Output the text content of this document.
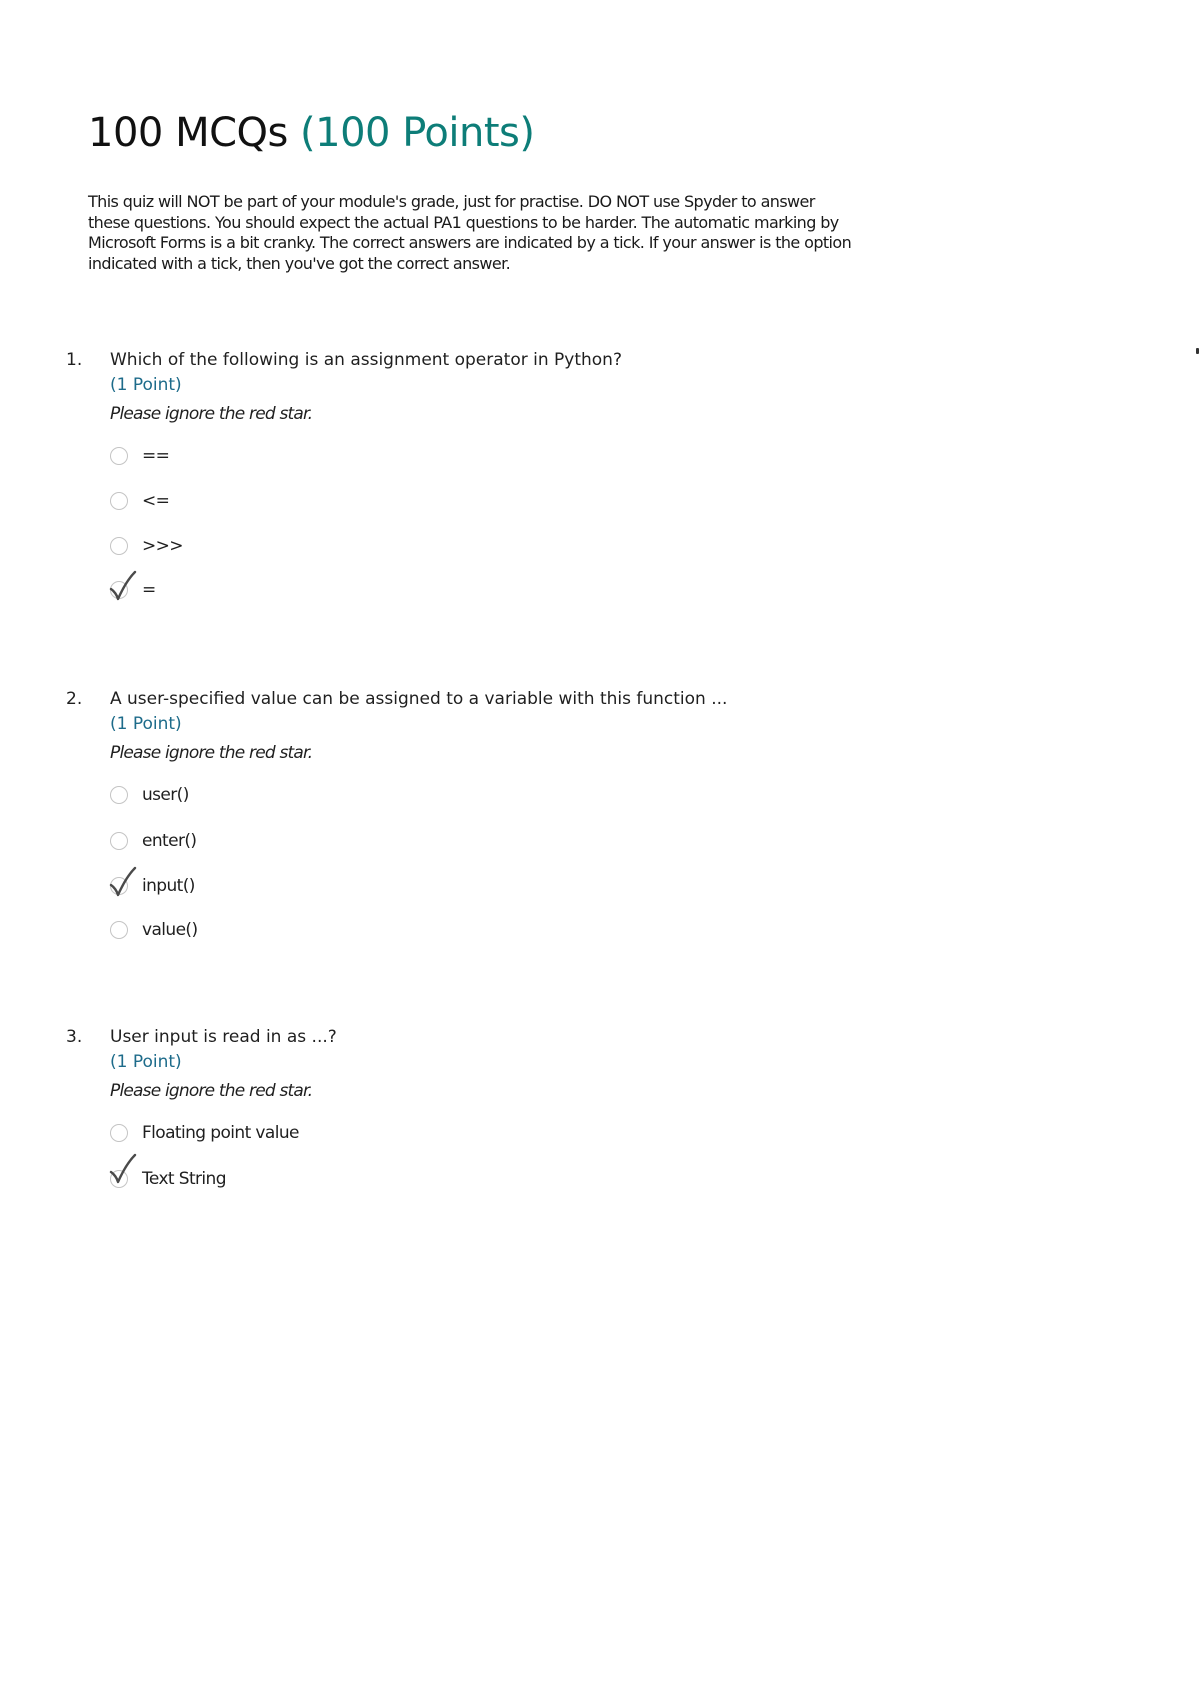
100 MCQs (100 Points)

This quiz will NOT be part of your module's grade, just for practise. DO NOT use Spyder to answer these questions. You should expect the actual PA1 questions to be harder. The automatic marking by Microsoft Forms is a bit cranky. The correct answers are indicated by a tick. If your answer is the option indicated with a tick, then you've got the correct answer.

1. Which of the following is an assignment operator in Python?
(1 Point)
Please ignore the red star.
==
<=
>>>
=
2. A user-specified value can be assigned to a variable with this function ...
(1 Point)
Please ignore the red star.
user()
enter()
input()
value()
3. User input is read in as ...?
(1 Point)
Please ignore the red star.
Floating point value
Text String
